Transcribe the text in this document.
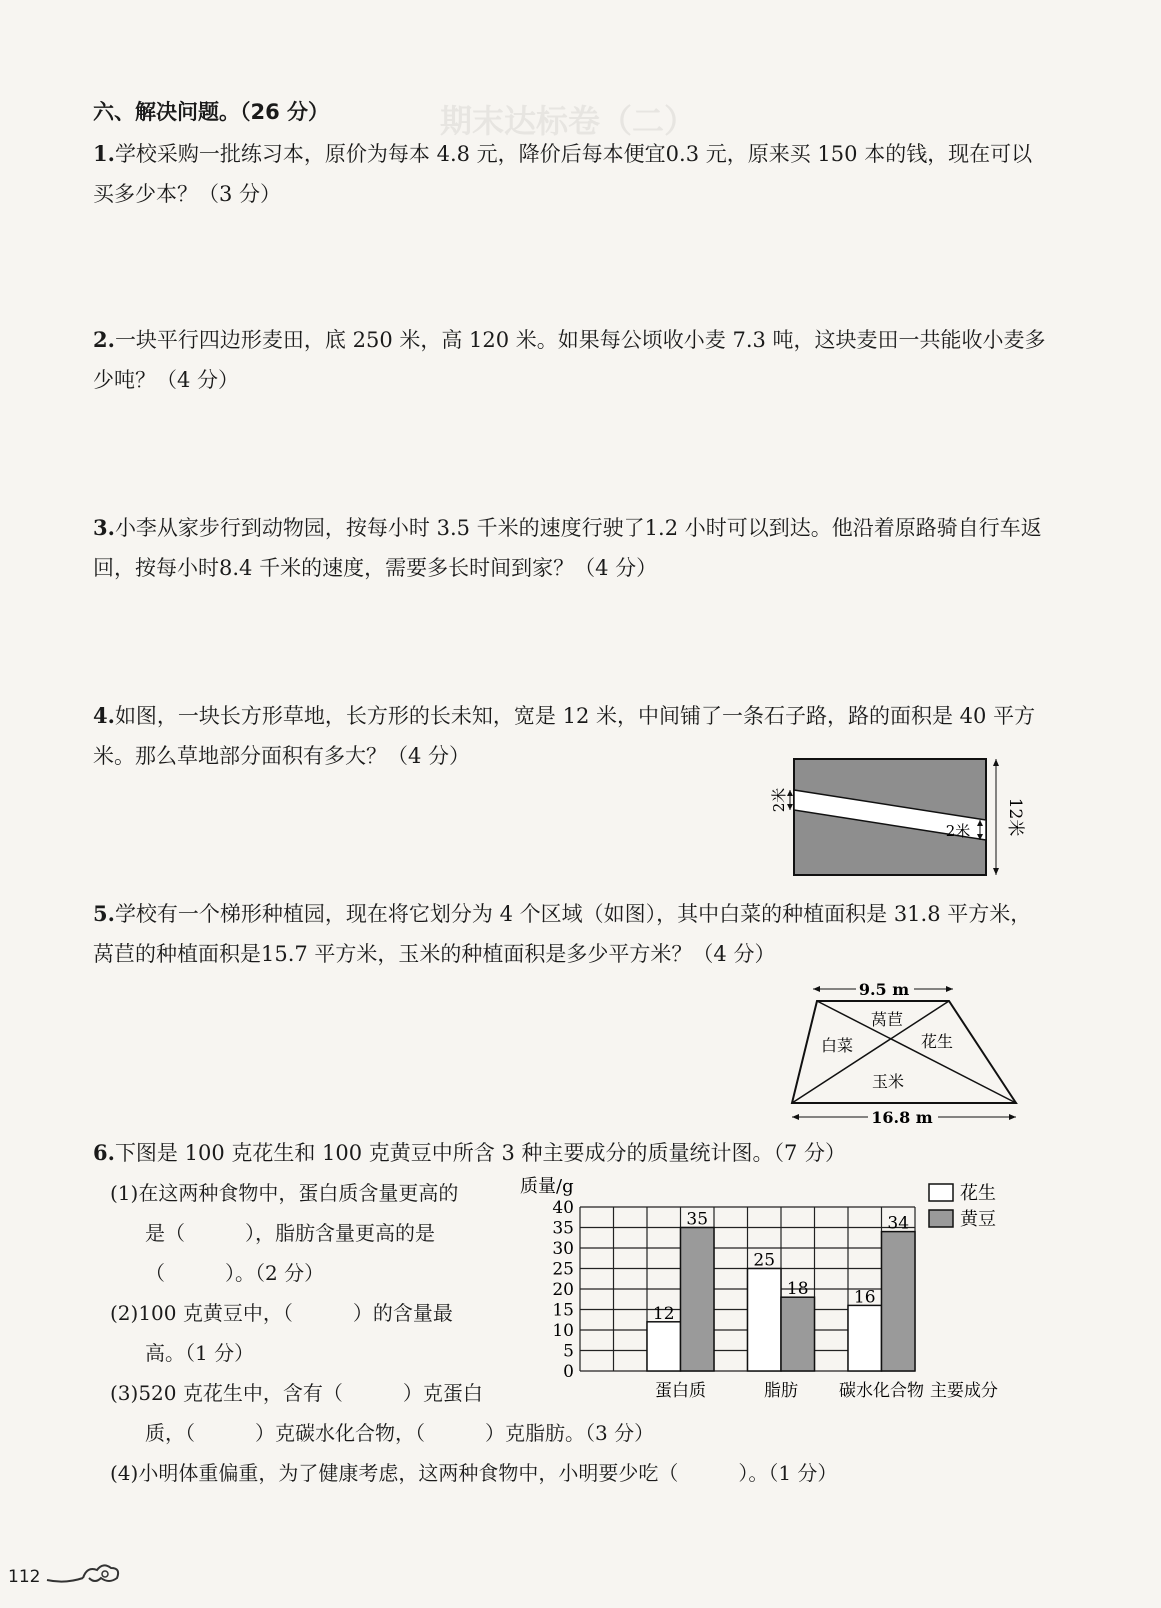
期末达标卷（二）
六、解决问题。（26 分）
1.学校采购一批练习本，原价为每本 4.8 元，降价后每本便宜0.3 元，原来买 150 本的钱，现在可以买多少本？（3 分）
2.一块平行四边形麦田，底 250 米，高 120 米。如果每公顷收小麦 7.3 吨，这块麦田一共能收小麦多少吨？（4 分）
3.小李从家步行到动物园，按每小时 3.5 千米的速度行驶了1.2 小时可以到达。他沿着原路骑自行车返回，按每小时8.4 千米的速度，需要多长时间到家？（4 分）
4.如图，一块长方形草地，长方形的长未知，宽是 12 米，中间铺了一条石子路，路的面积是 40 平方米。那么草地部分面积有多大？（4 分）
5.学校有一个梯形种植园，现在将它划分为 4 个区域（如图），其中白菜的种植面积是 31.8 平方米，莴苣的种植面积是15.7 平方米，玉米的种植面积是多少平方米？（4 分）
6.下图是 100 克花生和 100 克黄豆中所含 3 种主要成分的质量统计图。（7 分）
2米
2米 12米
9.5 m
莴苣
白菜	花生
玉米
16.8 m
(1)在这两种食物中，蛋白质含量更高的
是（　　　），脂肪含量更高的是
（　　　）。（2 分）
(2)100 克黄豆中，（　　　）的含量最
高。（1 分）
(3)520 克花生中，含有（　　　）克蛋白
质，（　　　）克碳水化合物，（　　　）克脂肪。（3 分）
(4)小明体重偏重，为了健康考虑，这两种食物中，小明要少吃（　　　）。（1 分）
质量/g
主要成分
0
5
10
15
20
25
30
35
40
12
35
蛋白质
25
18
脂肪
16
34
碳水化合物
花生
黄豆
112
